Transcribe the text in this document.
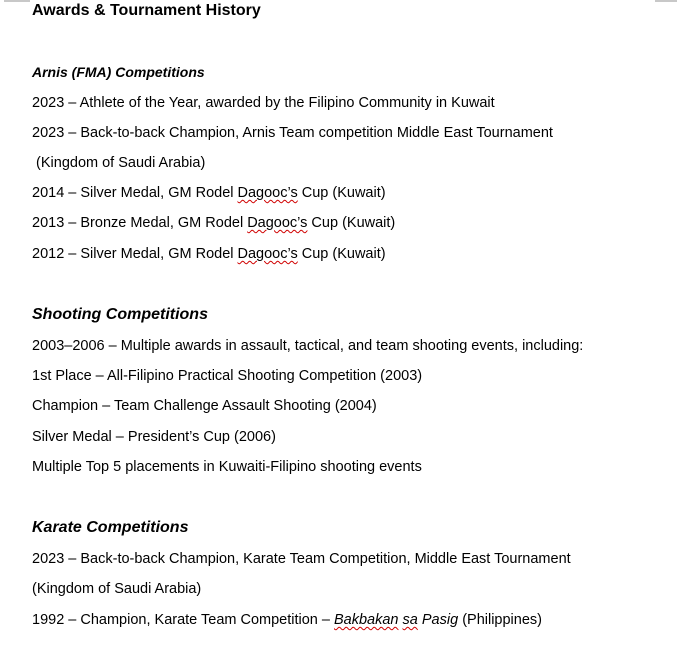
Awards & Tournament History
Arnis (FMA) Competitions
2023 – Athlete of the Year, awarded by the Filipino Community in Kuwait
2023 – Back-to-back Champion, Arnis Team competition Middle East Tournament
(Kingdom of Saudi Arabia)
2014 – Silver Medal, GM Rodel Dagooc’s Cup (Kuwait)
2013 – Bronze Medal, GM Rodel Dagooc’s Cup (Kuwait)
2012 – Silver Medal, GM Rodel Dagooc’s Cup (Kuwait)
Shooting Competitions
2003–2006 – Multiple awards in assault, tactical, and team shooting events, including:
1st Place – All-Filipino Practical Shooting Competition (2003)
Champion – Team Challenge Assault Shooting (2004)
Silver Medal – President’s Cup (2006)
Multiple Top 5 placements in Kuwaiti-Filipino shooting events
Karate Competitions
2023 – Back-to-back Champion, Karate Team Competition, Middle East Tournament
(Kingdom of Saudi Arabia)
1992 – Champion, Karate Team Competition – Bakbakan sa Pasig (Philippines)
